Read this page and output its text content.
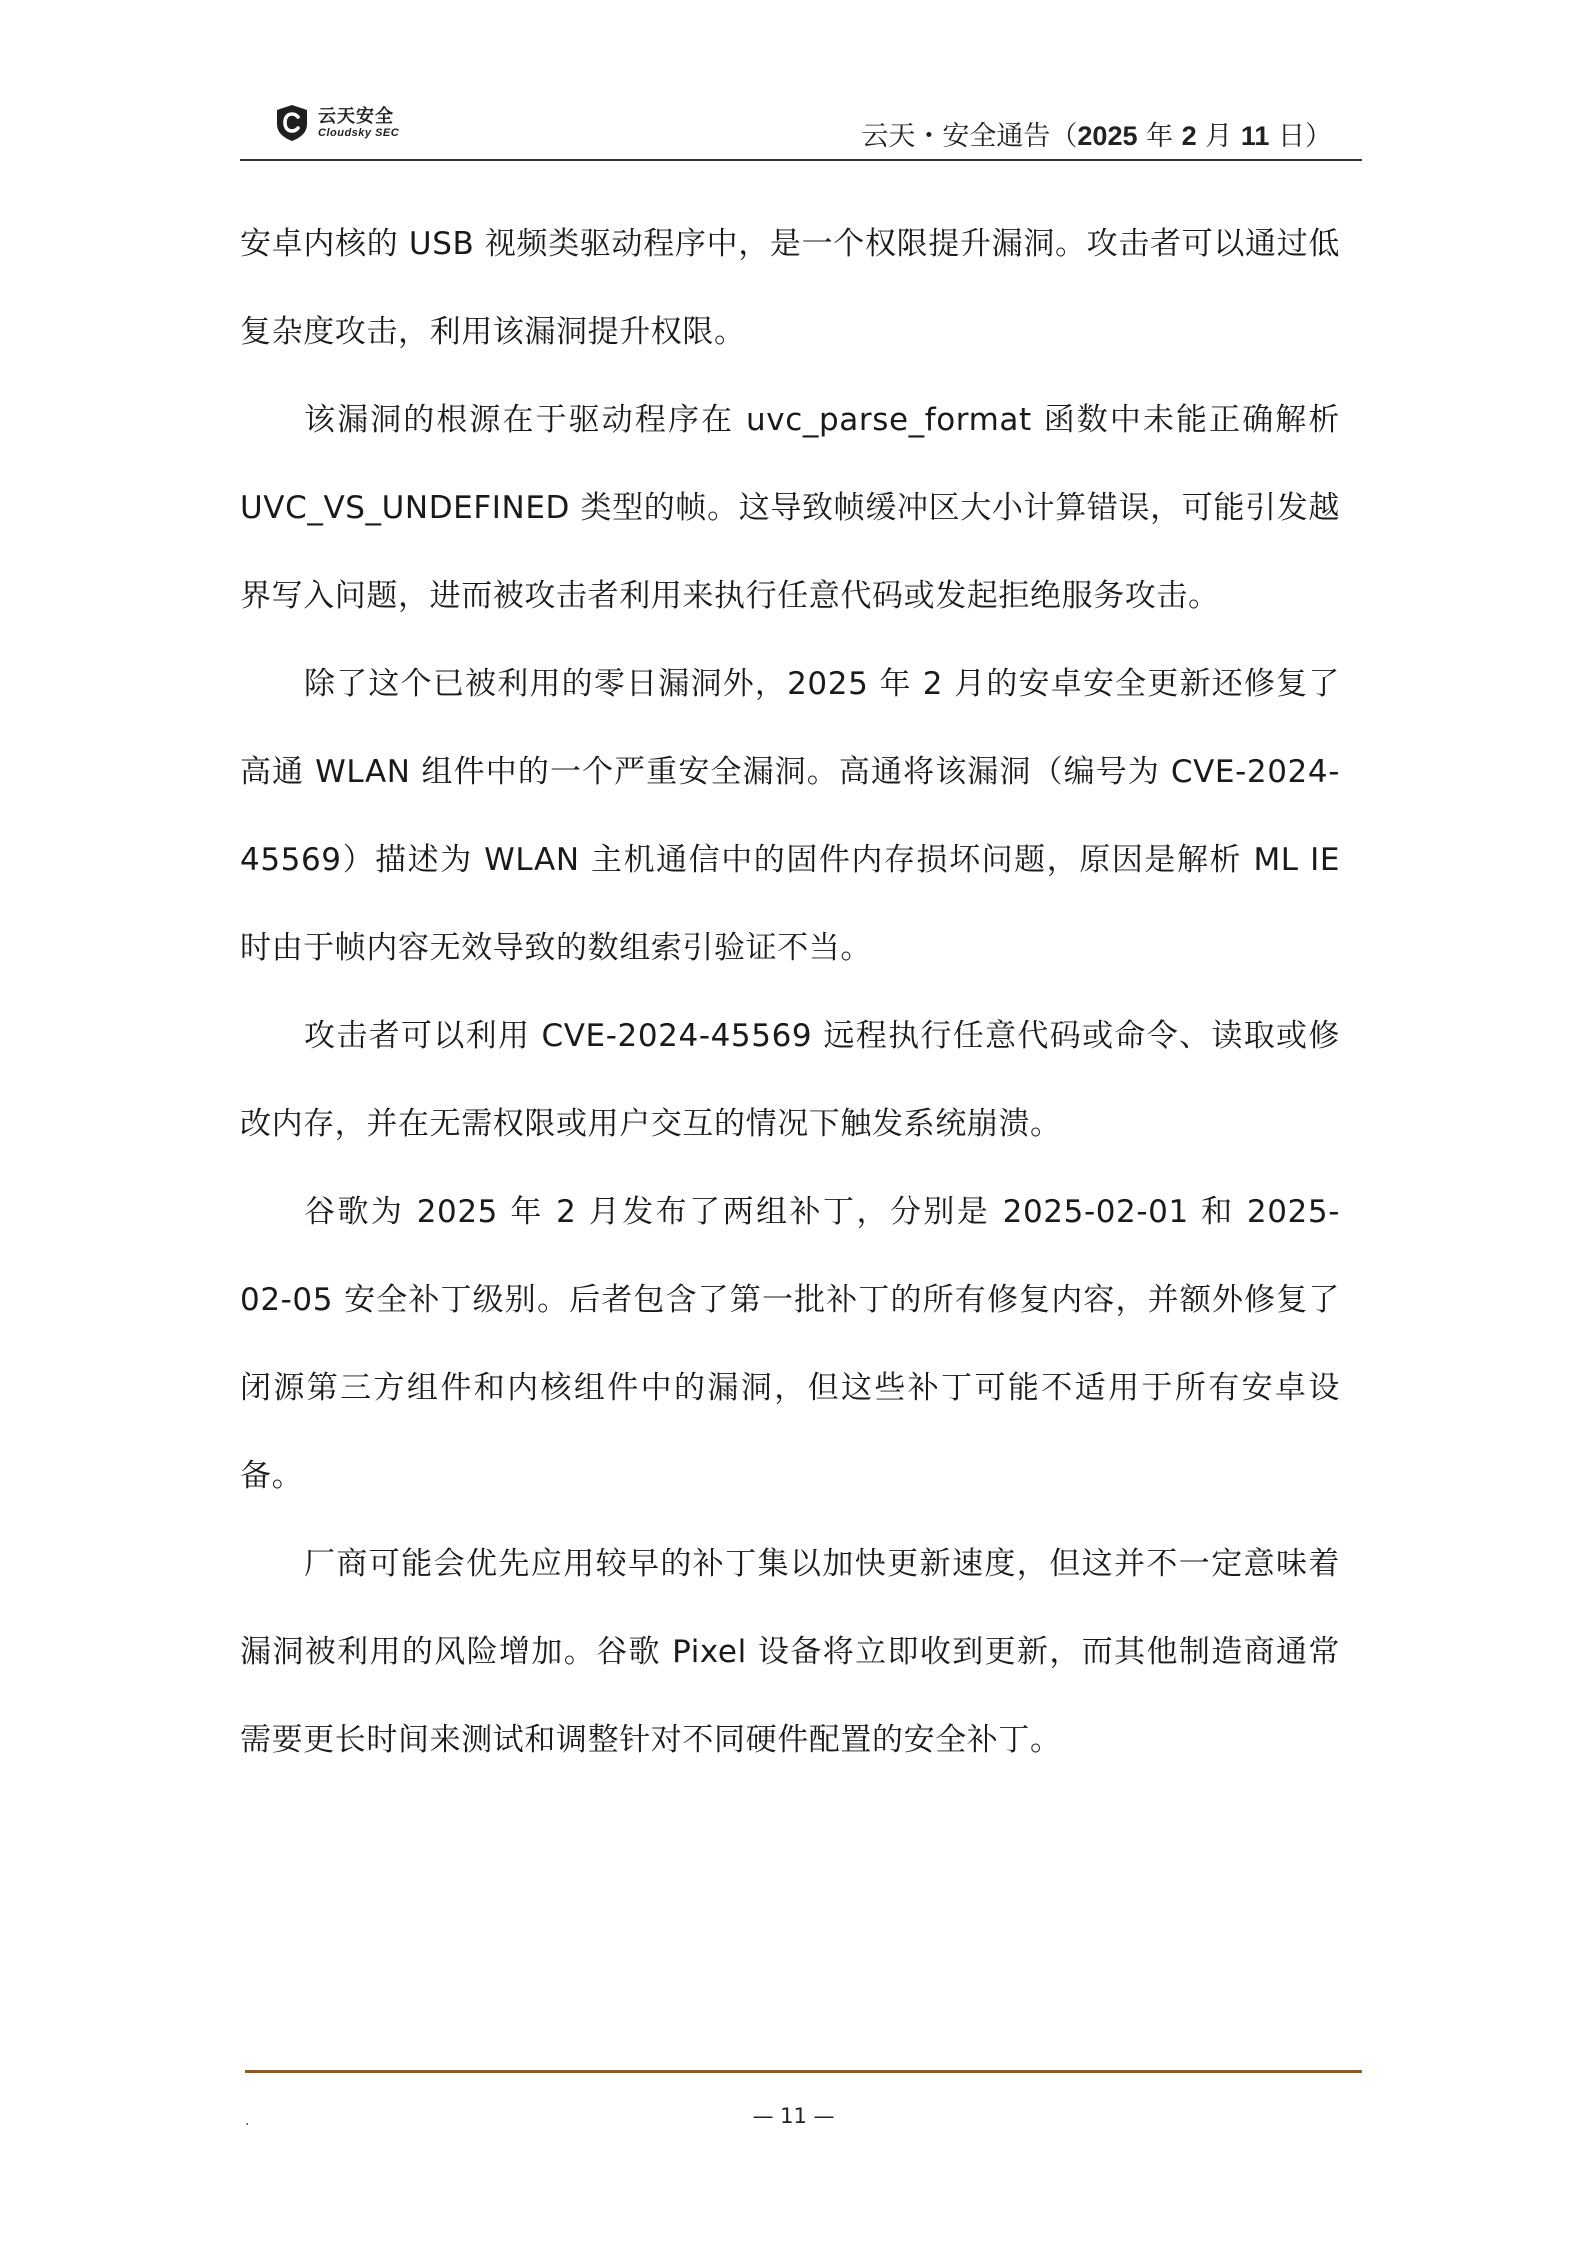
云天安全
Cloudsky SEC	云天・安全通告（2025 年 2 月 11 日）

安卓内核的 USB 视频类驱动程序中，是一个权限提升漏洞。攻击者可以通过低复杂度攻击，利用该漏洞提升权限。

该漏洞的根源在于驱动程序在 uvc_parse_format 函数中未能正确解析 UVC_VS_UNDEFINED 类型的帧。这导致帧缓冲区大小计算错误，可能引发越界写入问题，进而被攻击者利用来执行任意代码或发起拒绝服务攻击。

除了这个已被利用的零日漏洞外，2025 年 2 月的安卓安全更新还修复了高通 WLAN 组件中的一个严重安全漏洞。高通将该漏洞（编号为 CVE-2024-45569）描述为 WLAN 主机通信中的固件内存损坏问题，原因是解析 ML IE 时由于帧内容无效导致的数组索引验证不当。

攻击者可以利用 CVE-2024-45569 远程执行任意代码或命令、读取或修改内存，并在无需权限或用户交互的情况下触发系统崩溃。

谷歌为 2025 年 2 月发布了两组补丁，分别是 2025-02-01 和 2025-02-05 安全补丁级别。后者包含了第一批补丁的所有修复内容，并额外修复了闭源第三方组件和内核组件中的漏洞，但这些补丁可能不适用于所有安卓设备。

厂商可能会优先应用较早的补丁集以加快更新速度，但这并不一定意味着漏洞被利用的风险增加。谷歌 Pixel 设备将立即收到更新，而其他制造商通常需要更长时间来测试和调整针对不同硬件配置的安全补丁。

.	— 11 —
